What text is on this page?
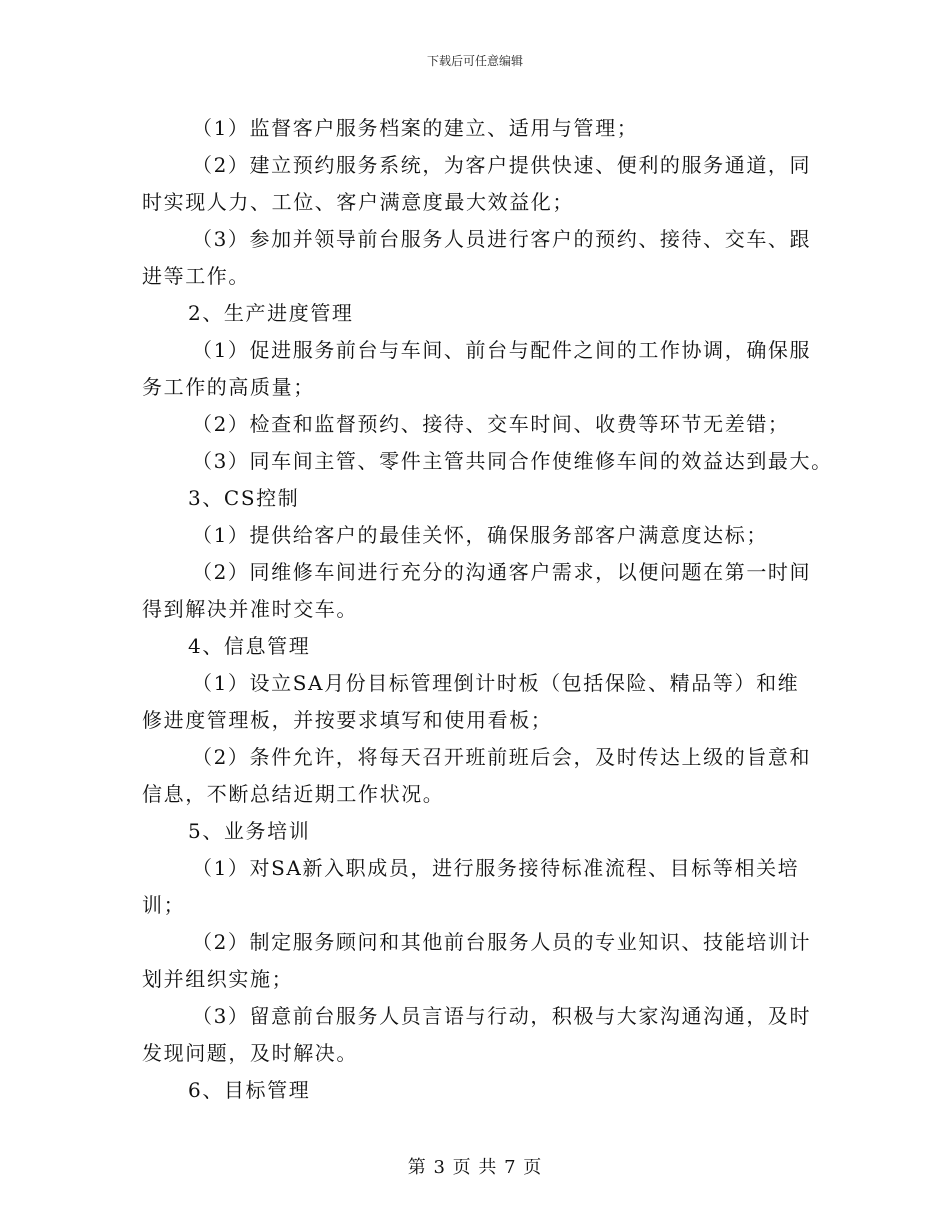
下载后可任意编辑
（1）监督客户服务档案的建立、适用与管理；
（2）建立预约服务系统，为客户提供快速、便利的服务通道，同
时实现人力、工位、客户满意度最大效益化；
（3）参加并领导前台服务人员进行客户的预约、接待、交车、跟
进等工作。
2、生产进度管理
（1）促进服务前台与车间、前台与配件之间的工作协调，确保服
务工作的高质量；
（2）检查和监督预约、接待、交车时间、收费等环节无差错；
（3）同车间主管、零件主管共同合作使维修车间的效益达到最大。
3、CS控制
（1）提供给客户的最佳关怀，确保服务部客户满意度达标；
（2）同维修车间进行充分的沟通客户需求，以便问题在第一时间
得到解决并准时交车。
4、信息管理
（1）设立SA月份目标管理倒计时板（包括保险、精品等）和维
修进度管理板，并按要求填写和使用看板；
（2）条件允许，将每天召开班前班后会，及时传达上级的旨意和
信息，不断总结近期工作状况。
5、业务培训
（1）对SA新入职成员，进行服务接待标准流程、目标等相关培
训；
（2）制定服务顾问和其他前台服务人员的专业知识、技能培训计
划并组织实施；
（3）留意前台服务人员言语与行动，积极与大家沟通沟通，及时
发现问题，及时解决。
6、目标管理
第 3 页 共 7 页
